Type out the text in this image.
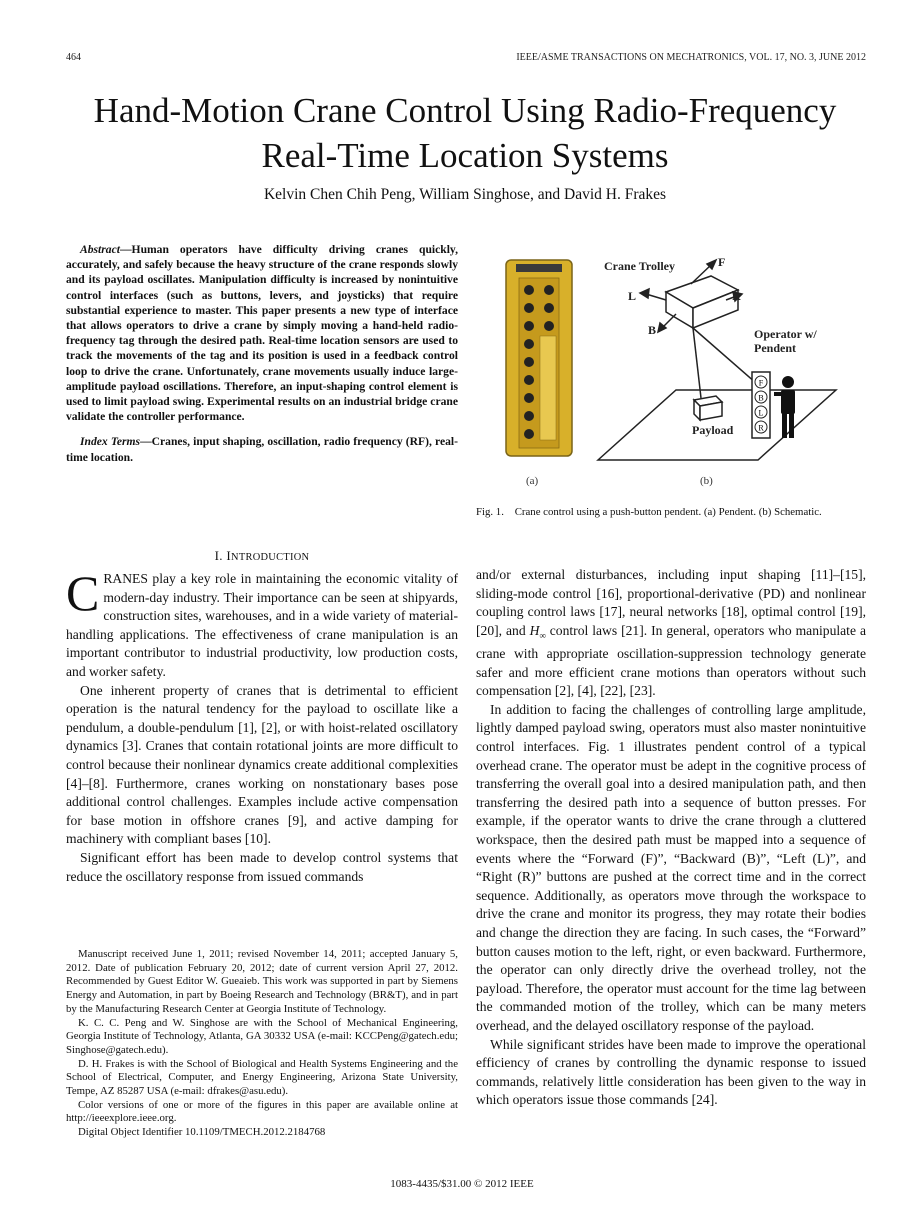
464	IEEE/ASME TRANSACTIONS ON MECHATRONICS, VOL. 17, NO. 3, JUNE 2012
Hand-Motion Crane Control Using Radio-Frequency
Real-Time Location Systems
Kelvin Chen Chih Peng, William Singhose, and David H. Frakes

Abstract—Human operators have difficulty driving cranes quickly, accurately, and safely because the heavy structure of the crane responds slowly and its payload oscillates. Manipulation difficulty is increased by nonintuitive control interfaces (such as buttons, levers, and joysticks) that require substantial experience to master. This paper presents a new type of interface that allows operators to drive a crane by simply moving a hand-held radio-frequency tag through the desired path. Real-time location sensors are used to track the movements of the tag and its position is used in a feedback control loop to drive the crane. Unfortunately, crane movements usually induce large-amplitude payload oscillations. Therefore, an input-shaping control element is used to limit payload swing. Experimental results on an industrial bridge crane validate the controller performance.

Index Terms—Cranes, input shaping, oscillation, radio frequency (RF), real-time location.

(a)
F
B
L
R
Crane Trolley	F
L	R
B	Operator w/
Pendent
Payload
(b)
Fig. 1. Crane control using a push-button pendent. (a) Pendent. (b) Schematic.
I. INTRODUCTION

CRANES play a key role in maintaining the economic vitality of modern-day industry. Their importance can be seen at shipyards, construction sites, warehouses, and in a wide variety of material-handling applications. The effectiveness of crane manipulation is an important contributor to industrial productivity, low production costs, and worker safety.

One inherent property of cranes that is detrimental to efficient operation is the natural tendency for the payload to oscillate like a pendulum, a double-pendulum [1], [2], or with hoist-related oscillatory dynamics [3]. Cranes that contain rotational joints are more difficult to control because their nonlinear dynamics create additional complexities [4]–[8]. Furthermore, cranes working on nonstationary bases pose additional control challenges. Examples include active compensation for base motion in offshore cranes [9], and active damping for machinery with compliant bases [10].

Significant effort has been made to develop control systems that reduce the oscillatory response from issued commands

Manuscript received June 1, 2011; revised November 14, 2011; accepted January 5, 2012. Date of publication February 20, 2012; date of current version April 27, 2012. Recommended by Guest Editor W. Gueaieb. This work was supported in part by Siemens Energy and Automation, in part by Boeing Research and Technology (BR&T), and in part by the Manufacturing Research Center at Georgia Institute of Technology.

K. C. C. Peng and W. Singhose are with the School of Mechanical Engineering, Georgia Institute of Technology, Atlanta, GA 30332 USA (e-mail: KCCPeng@gatech.edu; Singhose@gatech.edu).

D. H. Frakes is with the School of Biological and Health Systems Engineering and the School of Electrical, Computer, and Energy Engineering, Arizona State University, Tempe, AZ 85287 USA (e-mail: dfrakes@asu.edu).

Color versions of one or more of the figures in this paper are available online at http://ieeexplore.ieee.org.

Digital Object Identifier 10.1109/TMECH.2012.2184768

and/or external disturbances, including input shaping [11]–[15], sliding-mode control [16], proportional-derivative (PD) and nonlinear coupling control laws [17], neural networks [18], optimal control [19], [20], and $H_\infty$ control laws [21]. In general, operators who manipulate a crane with appropriate oscillation-suppression technology generate safer and more efficient crane motions than operators without such compensation [2], [4], [22], [23].

In addition to facing the challenges of controlling large amplitude, lightly damped payload swing, operators must also master nonintuitive control interfaces. Fig. 1 illustrates pendent control of a typical overhead crane. The operator must be adept in the cognitive process of transferring the overall goal into a desired manipulation path, and then transferring the desired path into a sequence of button presses. For example, if the operator wants to drive the crane through a cluttered workspace, then the desired path must be mapped into a sequence of events where the “Forward (F)”, “Backward (B)”, “Left (L)”, and “Right (R)” buttons are pushed at the correct time and in the correct sequence. Additionally, as operators move through the workspace to drive the crane and monitor its progress, they may rotate their bodies and change the direction they are facing. In such cases, the “Forward” button causes motion to the left, right, or even backward. Furthermore, the operator can only directly drive the overhead trolley, not the payload. Therefore, the operator must account for the time lag between the commanded motion of the trolley, which can be many meters overhead, and the delayed oscillatory response of the payload.

While significant strides have been made to improve the operational efficiency of cranes by controlling the dynamic response to issued commands, relatively little consideration has been given to the way in which operators issue those commands [24].

1083-4435/$31.00 © 2012 IEEE
